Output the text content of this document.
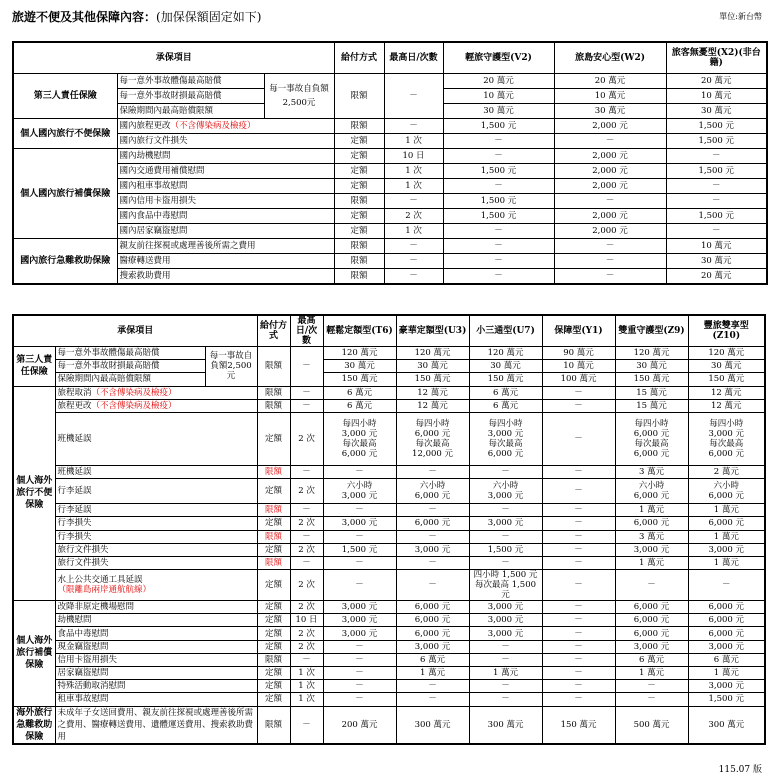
旅遊不便及其他保障內容：(加保保額固定如下)	單位:新台幣
承保項目			給付方式	最高日/次數	輕旅守護型(V2)	旅島安心型(W2)	旅客無憂型(X2)(非台籍)
第三人責任保險	每一意外事故體傷最高賠償	每一事故自負額2,500元	限額	－	20 萬元	20 萬元	20 萬元
	每一意外事故財損最高賠償				10 萬元	10 萬元	10 萬元
	保險期間內最高賠償限額				30 萬元	30 萬元	30 萬元
個人國內旅行不便保險	國內旅程更改（不含傳染病及檢疫）		限額	－	1,500 元	2,000 元	1,500 元
	國內旅行文件損失		定額	1 次	－	－	1,500 元
個人國內旅行補償保險	國內劫機慰問		定額	10 日	－	2,000 元	－
	國內交通費用補償慰問		定額	1 次	1,500 元	2,000 元	1,500 元
	國內租車事故慰問		定額	1 次	－	2,000 元	－
	國內信用卡盜用損失		限額	－	1,500 元	－	－
	國內食品中毒慰問		定額	2 次	1,500 元	2,000 元	1,500 元
	國內居家竊盜慰問		定額	1 次	－	2,000 元	－
國內旅行急難救助保險	親友前往探視或處理善後所需之費用		限額	－	－	－	10 萬元
	醫療轉送費用		限額	－	－	－	30 萬元
	搜索救助費用		限額	－	－	－	20 萬元
承保項目			給付方式	最高日/次數	輕鬆定額型(T6)	豪華定額型(U3)	小三通型(U7)	保障型(Y1)	雙重守護型(Z9)	豐旅雙享型(Z10)
第三人責任保險	每一意外事故體傷最高賠償	每一事故自負額2,500元	限額	－	120 萬元	120 萬元	120 萬元	90 萬元	120 萬元	120 萬元
	每一意外事故財損最高賠償				30 萬元	30 萬元	30 萬元	10 萬元	30 萬元	30 萬元
	保險期間內最高賠償限額				150 萬元	150 萬元	150 萬元	100 萬元	150 萬元	150 萬元
個人海外旅行不便保險	旅程取消（不含傳染病及檢疫）		限額	－	6 萬元	12 萬元	6 萬元	－	15 萬元	12 萬元
	旅程更改（不含傳染病及檢疫）		限額	－	6 萬元	12 萬元	6 萬元	－	15 萬元	12 萬元
	班機延誤		定額	2 次	每四小時
3,000 元
每次最高
6,000 元	每四小時
6,000 元
每次最高
12,000 元	每四小時
3,000 元
每次最高
6,000 元	－	每四小時
6,000 元
每次最高
6,000 元	每四小時
3,000 元
每次最高
6,000 元
	班機延誤		限額	－	－	－	－	－	3 萬元	2 萬元
	行李延誤		定額	2 次	六小時
3,000 元	六小時
6,000 元	六小時
3,000 元	－	六小時
6,000 元	六小時
6,000 元
	行李延誤		限額	－	－	－	－	－	1 萬元	1 萬元
	行李損失		定額	2 次	3,000 元	6,000 元	3,000 元	－	6,000 元	6,000 元
	行李損失		限額	－	－	－	－	－	3 萬元	1 萬元
	旅行文件損失		定額	2 次	1,500 元	3,000 元	1,500 元	－	3,000 元	3,000 元
	旅行文件損失		限額	－	－	－	－	－	1 萬元	1 萬元
	水上公共交通工具延誤
（限離島兩岸通航航線）		定額	2 次	－	－	四小時 1,500 元
每次最高 1,500 元	－	－	－
個人海外旅行補償保險	改降非原定機場慰問		定額	2 次	3,000 元	6,000 元	3,000 元	－	6,000 元	6,000 元
	劫機慰問		定額	10 日	3,000 元	6,000 元	3,000 元	－	6,000 元	6,000 元
	食品中毒慰問		定額	2 次	3,000 元	6,000 元	3,000 元	－	6,000 元	6,000 元
	現金竊盜慰問		定額	2 次	－	3,000 元	－	－	3,000 元	3,000 元
	信用卡盜用損失		限額	－	－	6 萬元	－	－	6 萬元	6 萬元
	居家竊盜慰問		定額	1 次	－	1 萬元	1 萬元	－	1 萬元	1 萬元
	特殊活動取消慰問		定額	1 次	－	－	－	－	－	3,000 元
	租車事故慰問		定額	1 次	－	－	－	－	－	1,500 元
海外旅行急難救助保險	未成年子女送回費用、親友前往探視或處理善後所需之費用、醫療轉送費用、遺體運送費用、搜索救助費用		限額	－	200 萬元	300 萬元	300 萬元	150 萬元	500 萬元	300 萬元
115.07 版
